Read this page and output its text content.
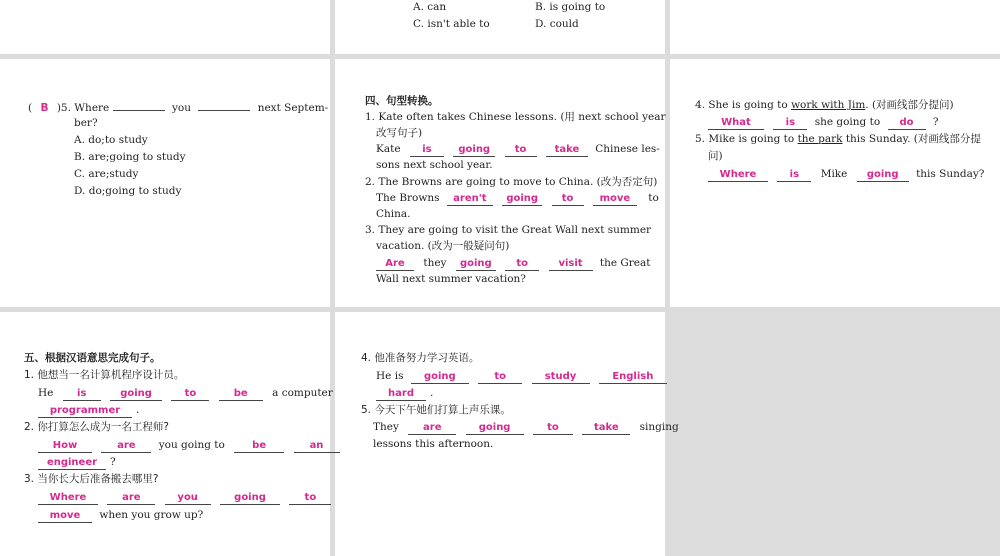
A. can	B. is going to
C. isn't able to	D. could
( B )5. Where	you	next Septem-
ber?
A. do;to study
B. are;going to study
C. are;study
D. do;going to study
四、句型转换。
1. Kate often takes Chinese lessons. (用 next school year
改写句子)
Kate is	going to	take Chinese les-
sons next school year.
2. The Browns are going to move to China. (改为否定句)
The Browns aren't going to	move to
China.
3. They are going to visit the Great Wall next summer
vacation. (改为一般疑问句)
Are they going to	visit the Great
Wall next summer vacation?
4. She is going to work with Jim. (对画线部分提问)
What	is she going to do ?
5. Mike is going to the park this Sunday. (对画线部分提
问)
Where	is Mike going this Sunday?
五、根据汉语意思完成句子。
1. 他想当一名计算机程序设计员。
He is	going	to	be a computer
programmer .
2. 你打算怎么成为一名工程师?
How	are you going to	be	an
engineer ?
3. 当你长大后准备搬去哪里?
Where	are	you	going	to
move when you grow up?
4. 他准备努力学习英语。
He is going	to	study	English
hard .
5. 今天下午她们打算上声乐课。
They are	going	to	take singing
lessons this afternoon.
